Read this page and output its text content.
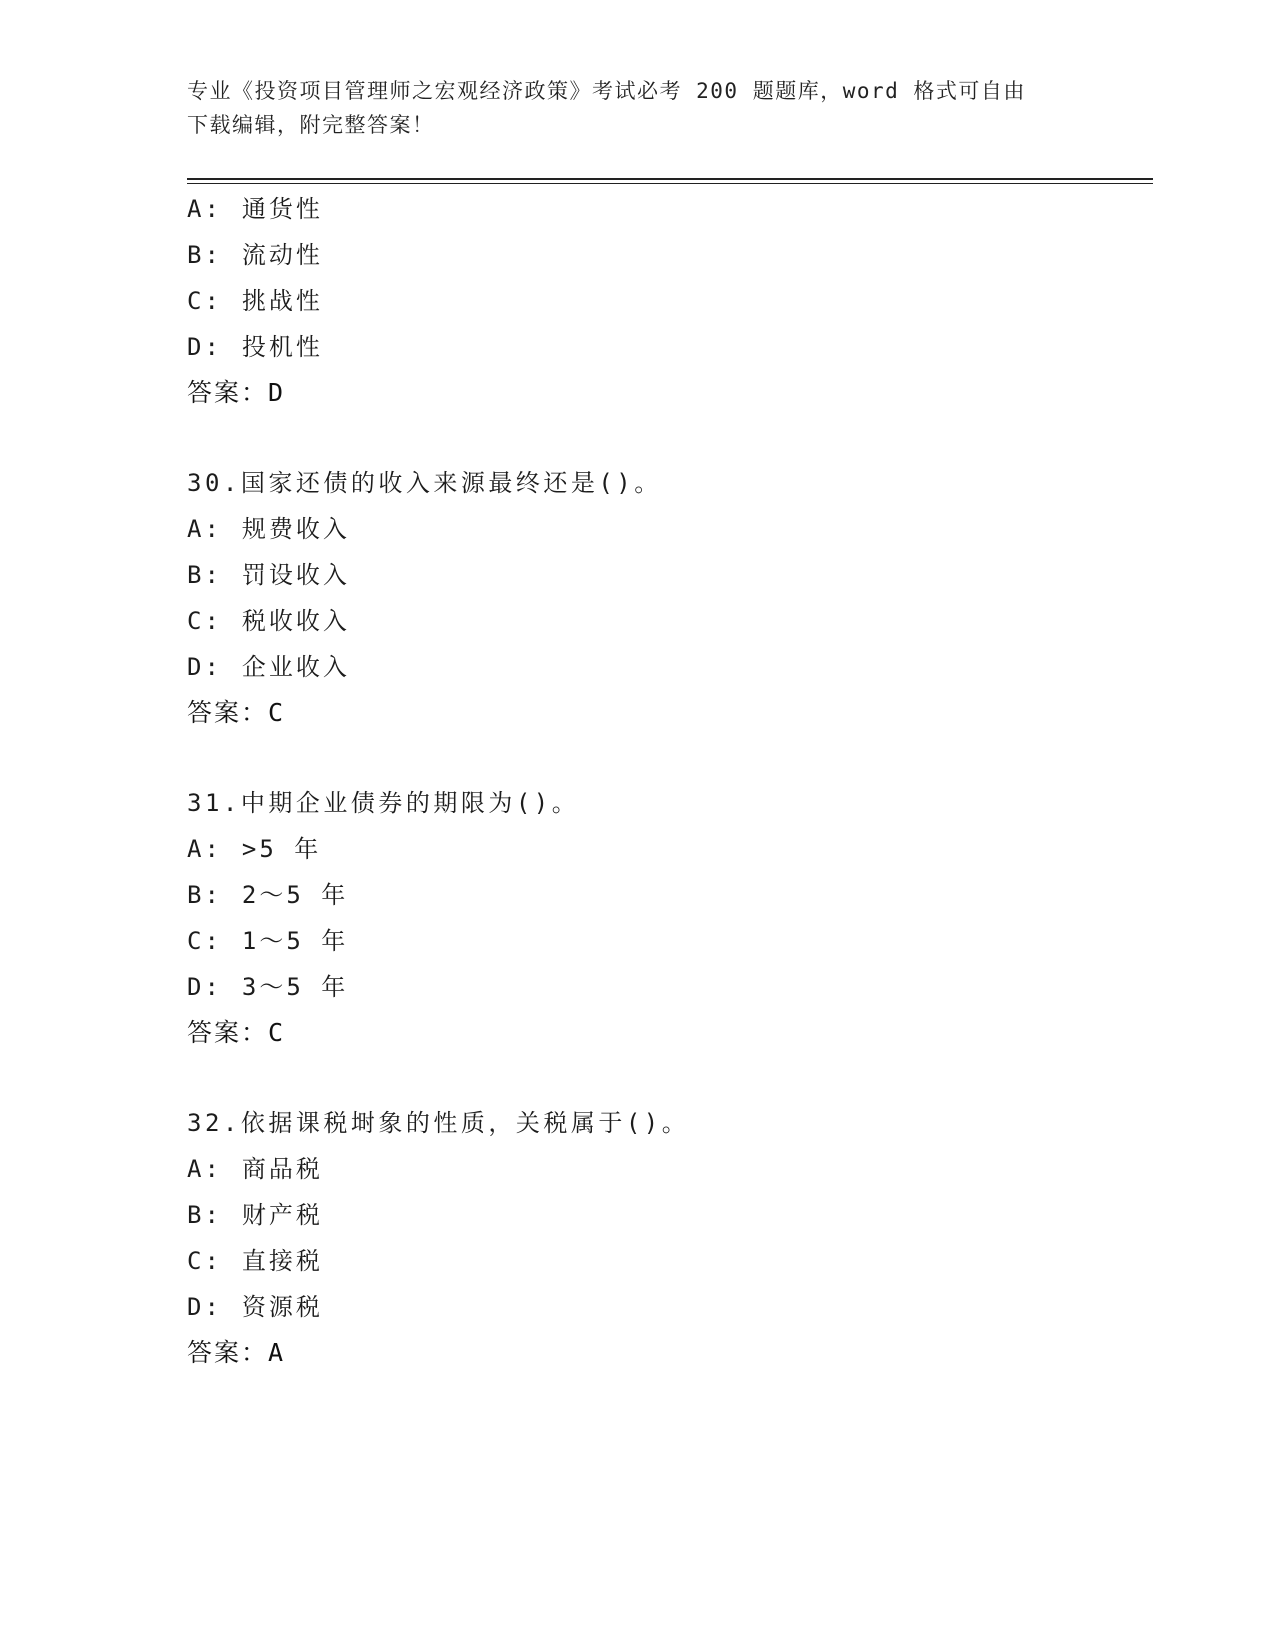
专业《投资项目管理师之宏观经济政策》考试必考 200 题题库，word 格式可自由
下载编辑，附完整答案！
A: 通货性
B: 流动性
C: 挑战性
D: 投机性
答案：D
30.国家还债的收入来源最终还是()。
A: 规费收入
B: 罚设收入
C: 税收收入
D: 企业收入
答案：C
31.中期企业债券的期限为()。
A: >5 年
B: 2～5 年
C: 1～5 年
D: 3～5 年
答案：C
32.依据课税埘象的性质，关税属于()。
A: 商品税
B: 财产税
C: 直接税
D: 资源税
答案：A
